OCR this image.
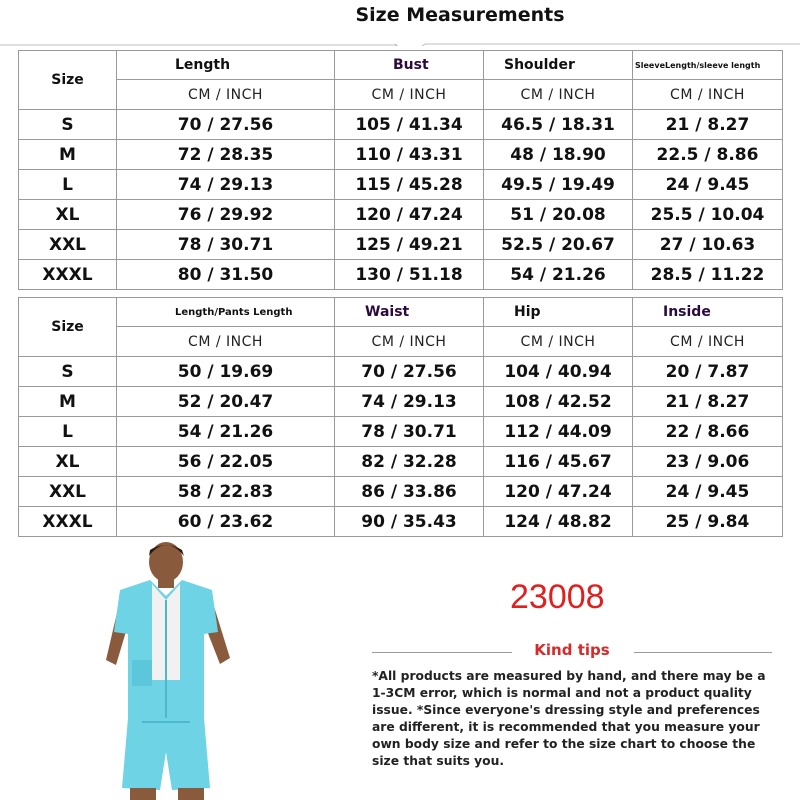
Size Measurements
Size	Length	Bust	Shoulder	SleeveLength/sleeve length
	CM / INCH	CM / INCH	CM / INCH	CM / INCH
S	70 / 27.56	105 / 41.34	46.5 / 18.31	21 / 8.27
M	72 / 28.35	110 / 43.31	48 / 18.90	22.5 / 8.86
L	74 / 29.13	115 / 45.28	49.5 / 19.49	24 / 9.45
XL	76 / 29.92	120 / 47.24	51 / 20.08	25.5 / 10.04
XXL	78 / 30.71	125 / 49.21	52.5 / 20.67	27 / 10.63
XXXL	80 / 31.50	130 / 51.18	54 / 21.26	28.5 / 11.22
Size	Length/Pants Length	Waist	Hip	Inside
	CM / INCH	CM / INCH	CM / INCH	CM / INCH
S	50 / 19.69	70 / 27.56	104 / 40.94	20 / 7.87
M	52 / 20.47	74 / 29.13	108 / 42.52	21 / 8.27
L	54 / 21.26	78 / 30.71	112 / 44.09	22 / 8.66
XL	56 / 22.05	82 / 32.28	116 / 45.67	23 / 9.06
XXL	58 / 22.83	86 / 33.86	120 / 47.24	24 / 9.45
XXXL	60 / 23.62	90 / 35.43	124 / 48.82	25 / 9.84
23008
Kind tips
*All products are measured by hand, and there may be a 1-3CM error, which is normal and not a product quality issue. *Since everyone's dressing style and preferences are different, it is recommended that you measure your own body size and refer to the size chart to choose the size that suits you.
